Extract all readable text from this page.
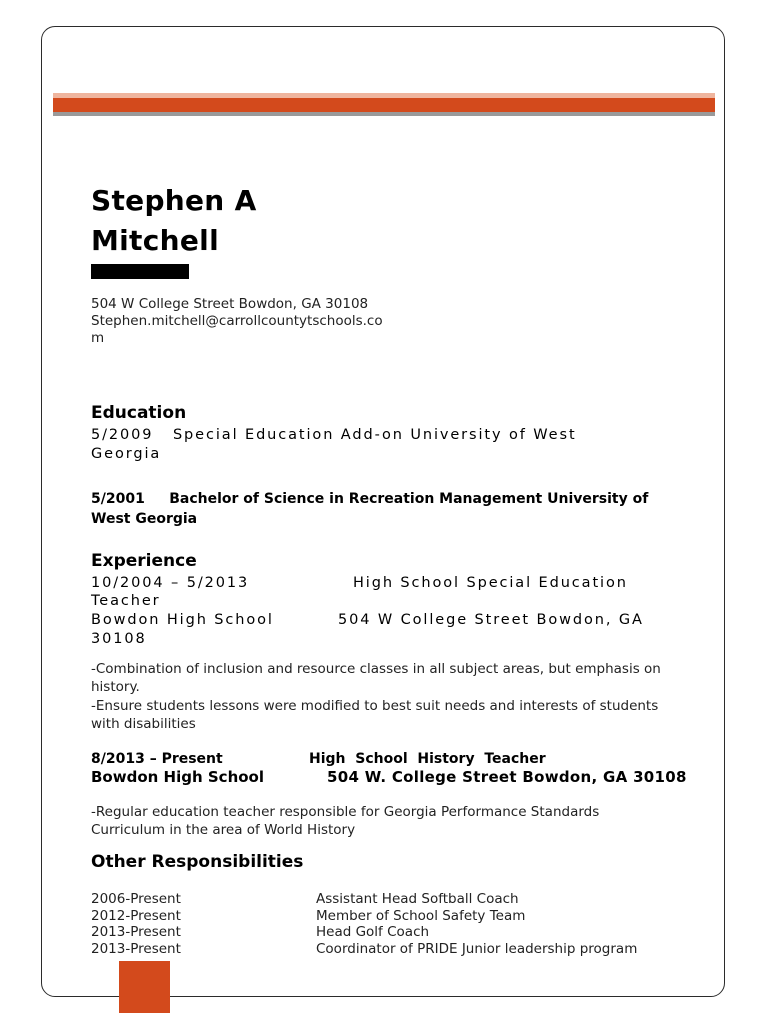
Stephen A
Mitchell
504 W College Street Bowdon, GA 30108
Stephen.mitchell@carrollcountytschools.com
Education
5/2009 Special Education Add-on University of West
Georgia
5/2001 Bachelor of Science in Recreation Management University of
West Georgia
Experience
10/2004 – 5/2013	High School Special Education
Teacher
Bowdon High School	504 W College Street Bowdon, GA
30108
-Combination of inclusion and resource classes in all subject areas, but emphasis on history.
-Ensure students lessons were modified to best suit needs and interests of students with disabilities
8/2013 – Present	High  School  History  Teacher
Bowdon High School	504 W. College Street Bowdon, GA 30108
-Regular education teacher responsible for Georgia Performance Standards Curriculum in the area of World History
Other Responsibilities
2006-Present	Assistant Head Softball Coach
2012-Present	Member of School Safety Team
2013-Present	Head Golf Coach
2013-Present	Coordinator of PRIDE Junior leadership program
